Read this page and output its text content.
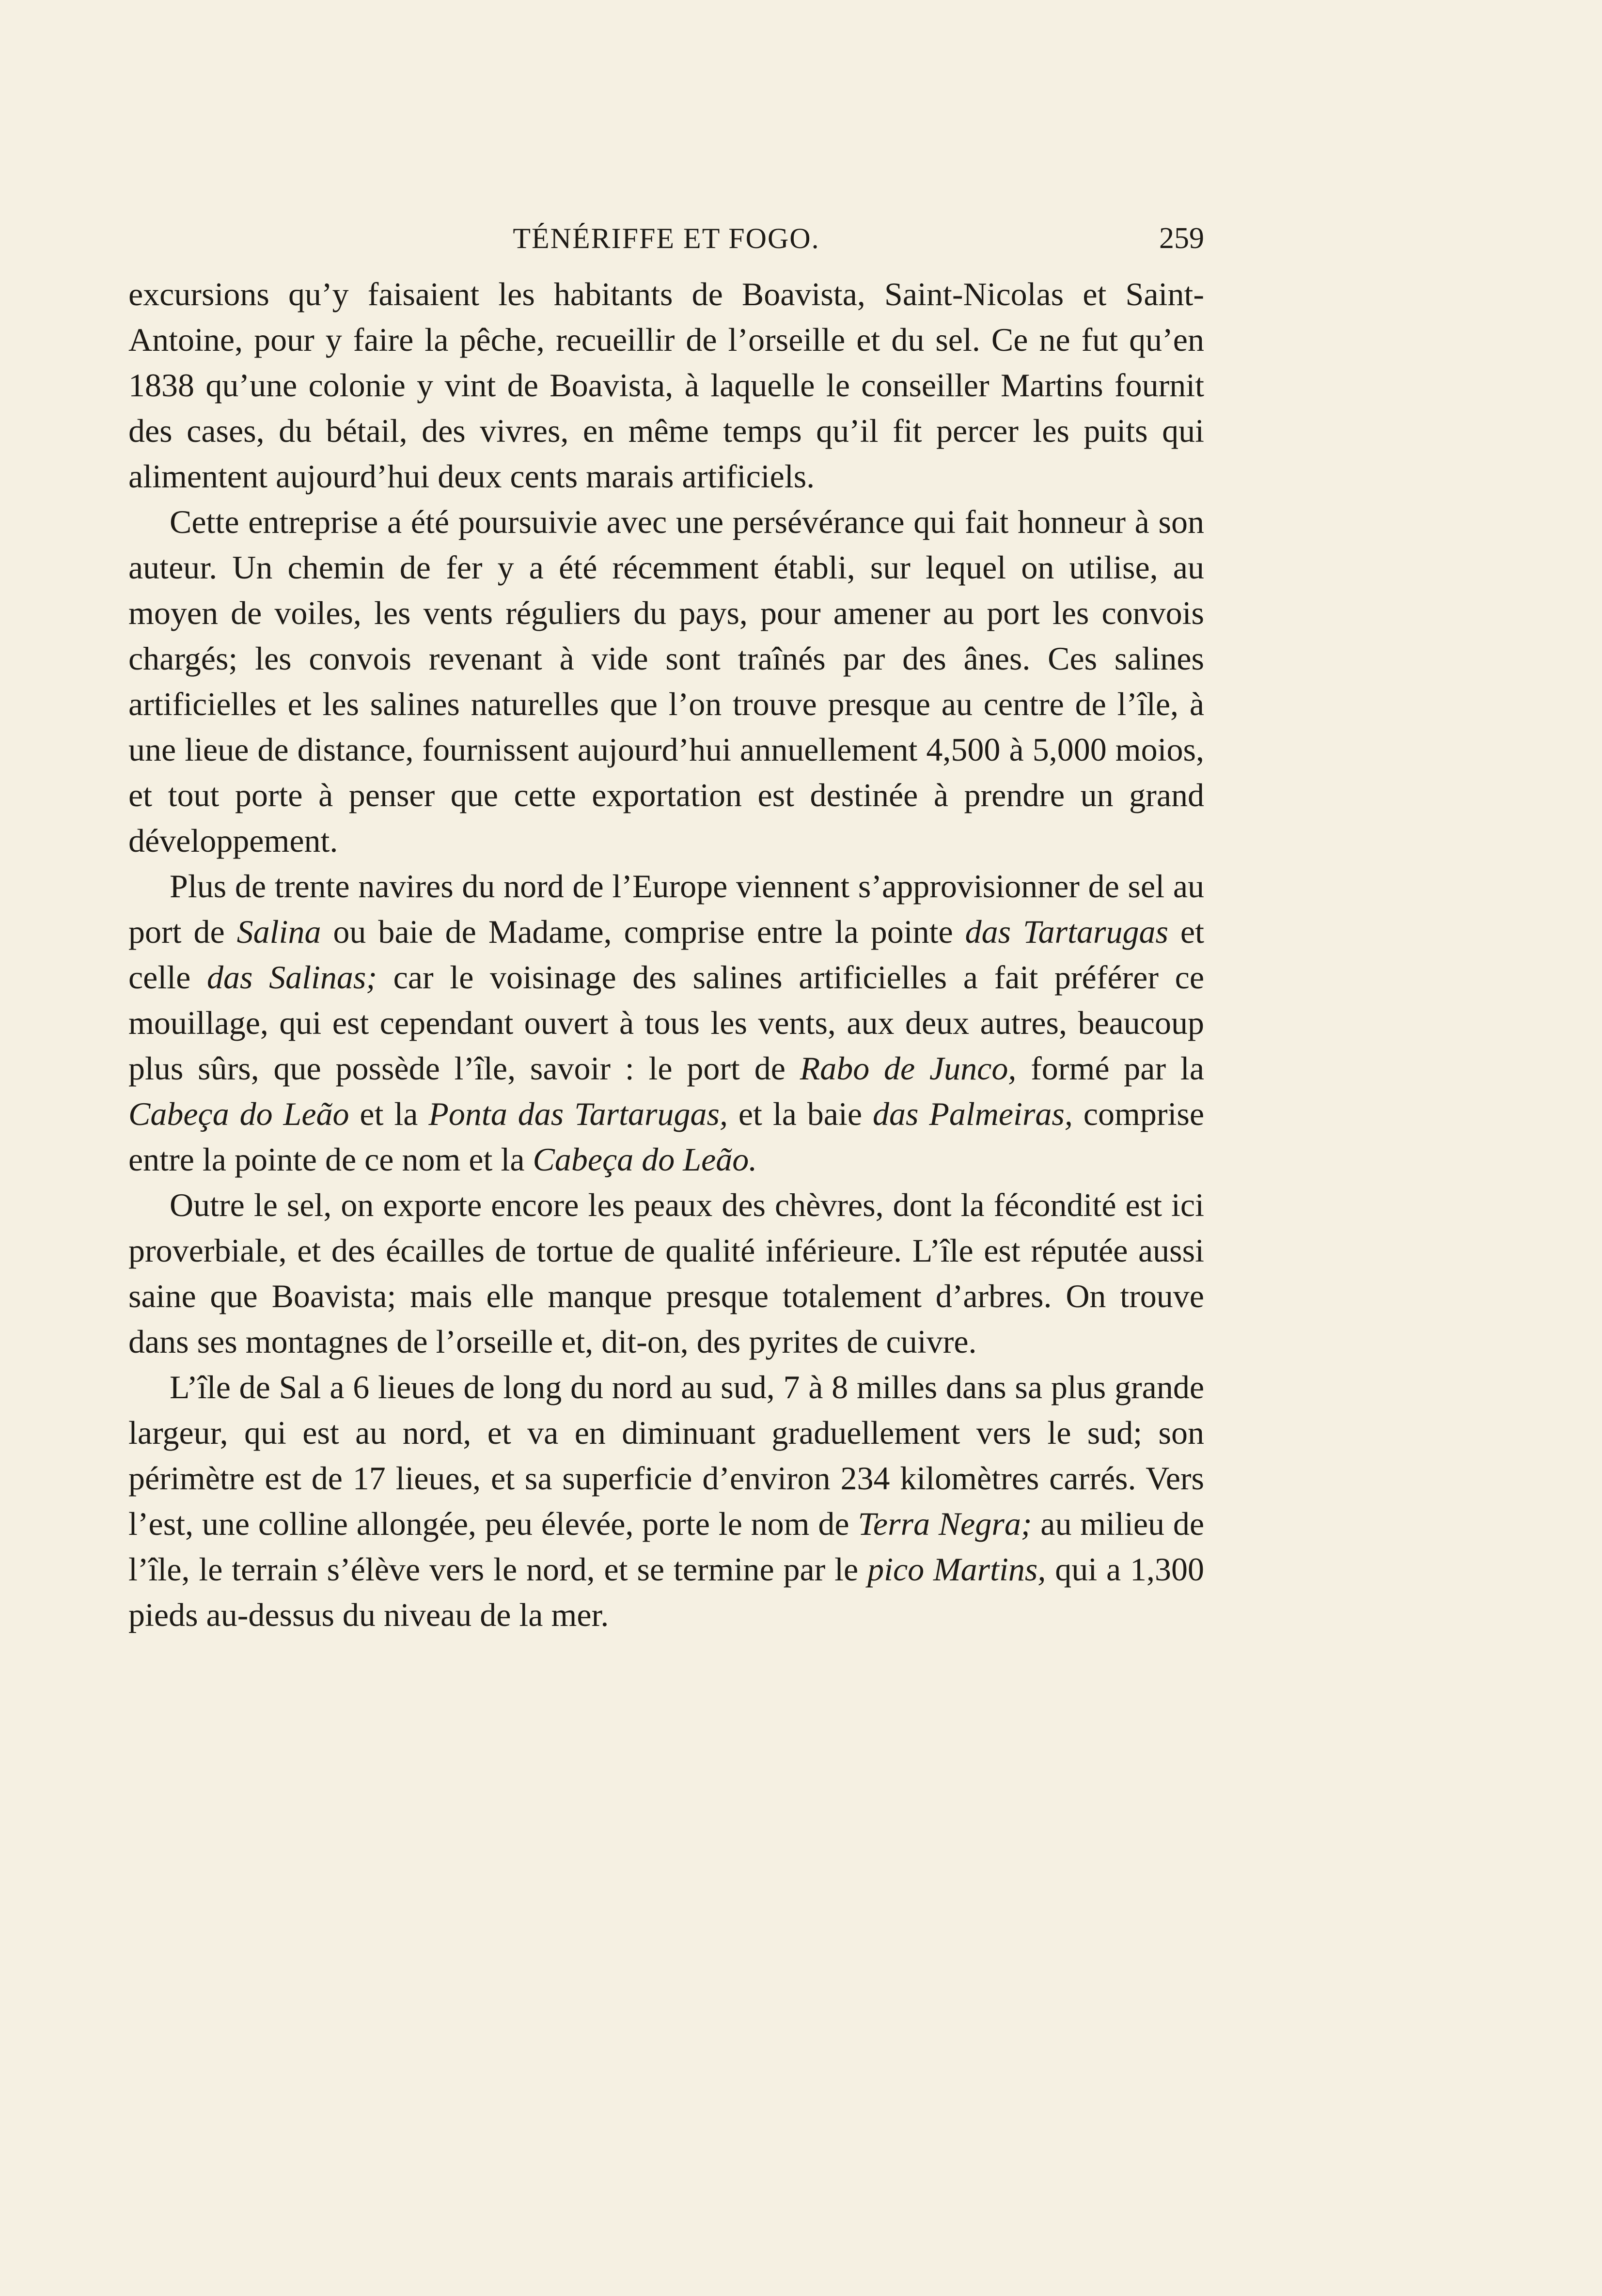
TÉNÉRIFFE ET FOGO.	259

excursions qu’y faisaient les habitants de Boavista, Saint-Nicolas et Saint-Antoine, pour y faire la pêche, recueillir de l’orseille et du sel. Ce ne fut qu’en 1838 qu’une colonie y vint de Boavista, à laquelle le conseiller Martins fournit des cases, du bétail, des vivres, en même temps qu’il fit percer les puits qui alimentent aujourd’hui deux cents marais artificiels.

Cette entreprise a été poursuivie avec une persévérance qui fait honneur à son auteur. Un chemin de fer y a été récemment établi, sur lequel on utilise, au moyen de voiles, les vents réguliers du pays, pour amener au port les convois chargés; les convois revenant à vide sont traînés par des ânes. Ces salines artificielles et les salines naturelles que l’on trouve presque au centre de l’île, à une lieue de distance, fournissent aujourd’hui annuellement 4,500 à 5,000 moios, et tout porte à penser que cette exportation est destinée à prendre un grand développement.

Plus de trente navires du nord de l’Europe viennent s’approvisionner de sel au port de Salina ou baie de Madame, comprise entre la pointe das Tartarugas et celle das Salinas; car le voisinage des salines artificielles a fait préférer ce mouillage, qui est cependant ouvert à tous les vents, aux deux autres, beaucoup plus sûrs, que possède l’île, savoir : le port de Rabo de Junco, formé par la Cabeça do Leão et la Ponta das Tartarugas, et la baie das Palmeiras, comprise entre la pointe de ce nom et la Cabeça do Leão.

Outre le sel, on exporte encore les peaux des chèvres, dont la fécondité est ici proverbiale, et des écailles de tortue de qualité inférieure. L’île est réputée aussi saine que Boavista; mais elle manque presque totalement d’arbres. On trouve dans ses montagnes de l’orseille et, dit-on, des pyrites de cuivre.

L’île de Sal a 6 lieues de long du nord au sud, 7 à 8 milles dans sa plus grande largeur, qui est au nord, et va en diminuant graduellement vers le sud; son périmètre est de 17 lieues, et sa superficie d’environ 234 kilomètres carrés. Vers l’est, une colline allongée, peu élevée, porte le nom de Terra Negra; au milieu de l’île, le terrain s’élève vers le nord, et se termine par le pico Martins, qui a 1,300 pieds au-dessus du niveau de la mer.
